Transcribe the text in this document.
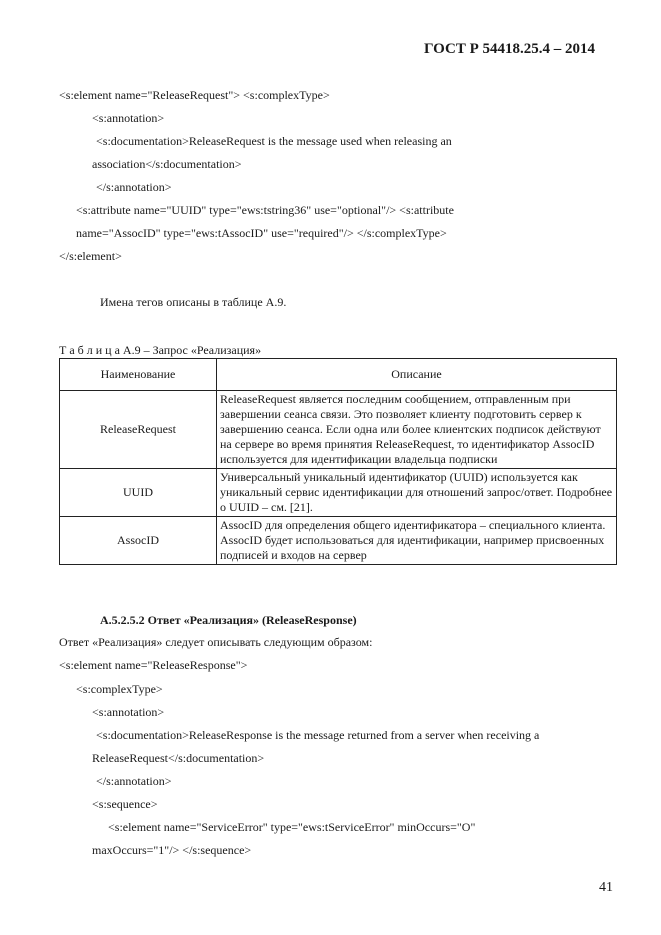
ГОСТ Р 54418.25.4 – 2014
<s:element name="ReleaseRequest"> <s:complexType>
<s:annotation>
<s:documentation>ReleaseRequest is the message used when releasing an
association</s:documentation>
</s:annotation>
<s:attribute name="UUID" type="ews:tstring36" use="optional"/> <s:attribute
name="AssocID" type="ews:tAssocID" use="required"/> </s:complexType>
</s:element>
Имена тегов описаны в таблице А.9.
Т а б л и ц а А.9 – Запрос «Реализация»
Наименование	Описание
ReleaseRequest	ReleaseRequest является последним сообщением, отправленным при завершении сеанса связи. Это позволяет клиенту подготовить сервер к завершению сеанса. Если одна или более клиентских подписок действуют на сервере во время принятия ReleaseRequest, то идентификатор AssocID используется для идентификации владельца подписки
UUID	Универсальный уникальный идентификатор (UUID) используется как уникальный сервис идентификации для отношений запрос/ответ. Подробнее о UUID – см. [21].
AssocID	AssocID для определения общего идентификатора – специального клиента. AssocID будет использоваться для идентификации, например присвоенных подписей и входов на сервер
А.5.2.5.2 Ответ «Реализация» (ReleaseResponse)
Ответ «Реализация» следует описывать следующим образом:
<s:element name="ReleaseResponse">
<s:complexType>
<s:annotation>
<s:documentation>ReleaseResponse is the message returned from a server when receiving a
ReleaseRequest</s:documentation>
</s:annotation>
<s:sequence>
<s:element name="ServiceError" type="ews:tServiceError" minOccurs="O"
maxOccurs="1"/> </s:sequence>
41
